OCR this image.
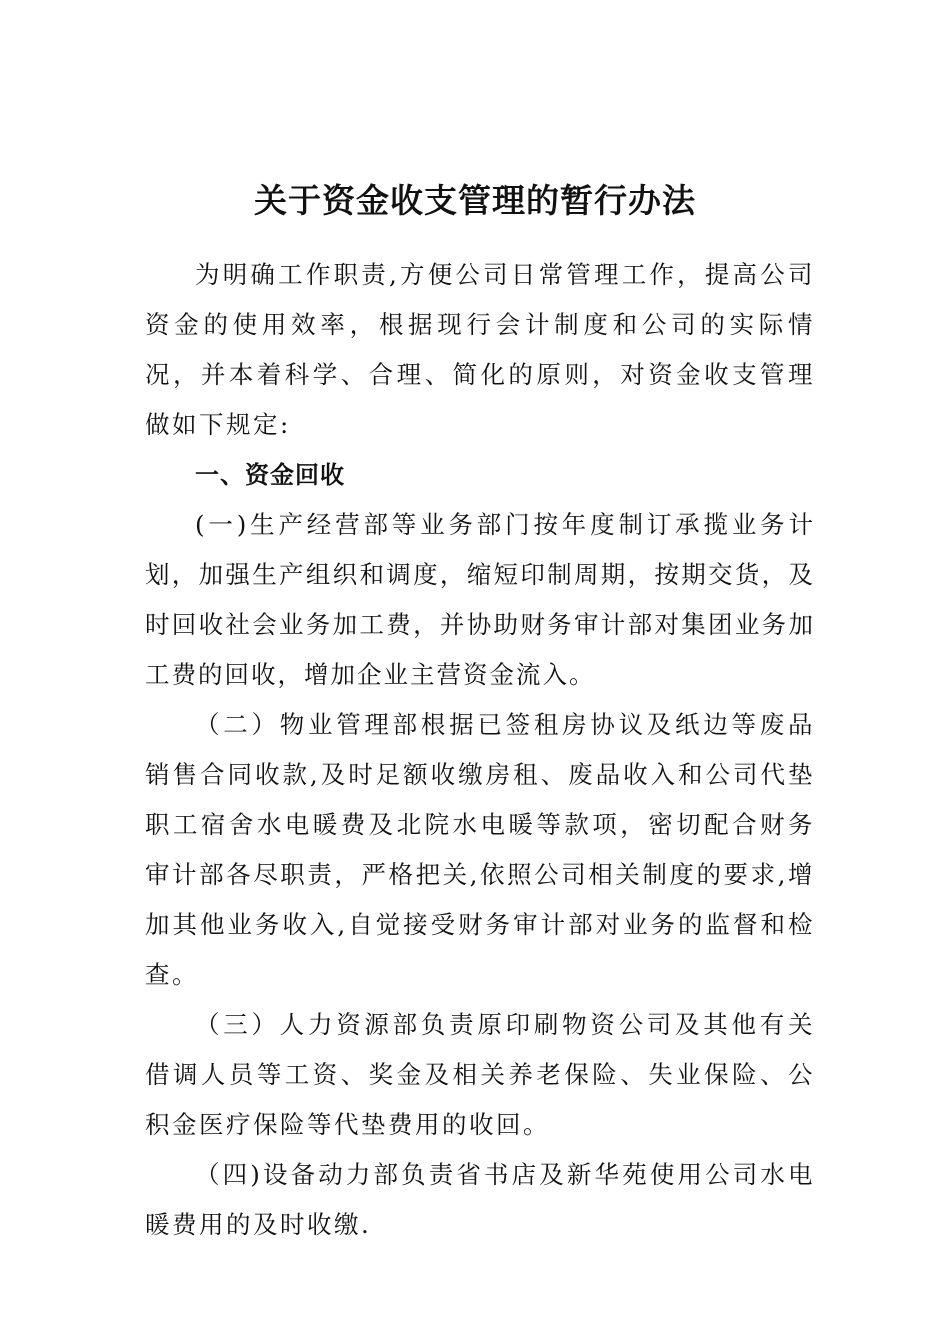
关于资金收支管理的暂行办法

为明确工作职责,方便公司日常管理工作，提高公司资金的使用效率，根据现行会计制度和公司的实际情况，并本着科学、合理、简化的原则，对资金收支管理做如下规定:

一、资金回收

(一)生产经营部等业务部门按年度制订承揽业务计划，加强生产组织和调度，缩短印制周期，按期交货，及时回收社会业务加工费，并协助财务审计部对集团业务加工费的回收，增加企业主营资金流入。

（二）物业管理部根据已签租房协议及纸边等废品销售合同收款,及时足额收缴房租、废品收入和公司代垫职工宿舍水电暖费及北院水电暖等款项，密切配合财务审计部各尽职责，严格把关,依照公司相关制度的要求,增加其他业务收入,自觉接受财务审计部对业务的监督和检查。

（三）人力资源部负责原印刷物资公司及其他有关借调人员等工资、奖金及相关养老保险、失业保险、公积金医疗保险等代垫费用的收回。

（四)设备动力部负责省书店及新华苑使用公司水电暖费用的及时收缴.
